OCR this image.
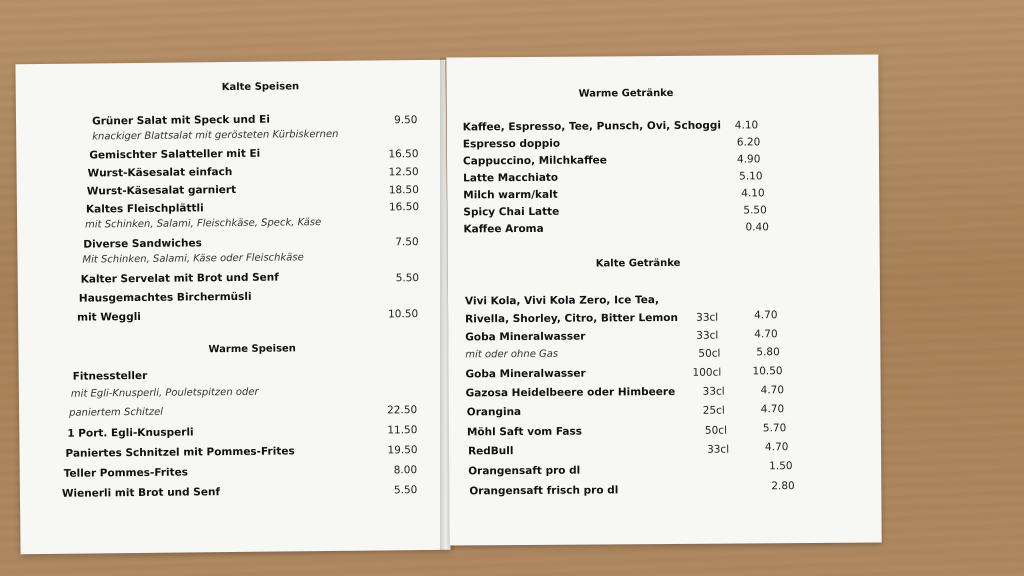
Kalte Speisen
Grüner Salat mit Speck und Ei	9.50
knackiger Blattsalat mit gerösteten Kürbiskernen
Gemischter Salatteller mit Ei	16.50
Wurst-Käsesalat einfach	12.50
Wurst-Käsesalat garniert	18.50
Kaltes Fleischplättli	16.50
mit Schinken, Salami, Fleischkäse, Speck, Käse
Diverse Sandwiches	7.50
Mit Schinken, Salami, Käse oder Fleischkäse
Kalter Servelat mit Brot und Senf	5.50
Hausgemachtes Birchermüsli
mit Weggli	10.50
Warme Speisen
Fitnessteller
mit Egli-Knusperli, Pouletspitzen oder
paniertem Schitzel	22.50
1 Port. Egli-Knusperli	11.50
Paniertes Schnitzel mit Pommes-Frites	19.50
Teller Pommes-Frites	8.00
Wienerli mit Brot und Senf	5.50
Warme Getränke
Kaffee, Espresso, Tee, Punsch, Ovi, Schoggi 4.10
Espresso doppio	6.20
Cappuccino, Milchkaffee	4.90
Latte Macchiato	5.10
Milch warm/kalt	4.10
Spicy Chai Latte	5.50
Kaffee Aroma	0.40
Kalte Getränke
Vivi Kola, Vivi Kola Zero, Ice Tea,
Rivella, Shorley, Citro, Bitter Lemon 33cl	4.70
Goba Mineralwasser	33cl	4.70
mit oder ohne Gas	50cl	5.80
Goba Mineralwasser	100cl	10.50
Gazosa Heidelbeere oder Himbeere	33cl	4.70
Orangina	25cl	4.70
Möhl Saft vom Fass	50cl	5.70
RedBull	33cl	4.70
Orangensaft pro dl	1.50
Orangensaft frisch pro dl	2.80
